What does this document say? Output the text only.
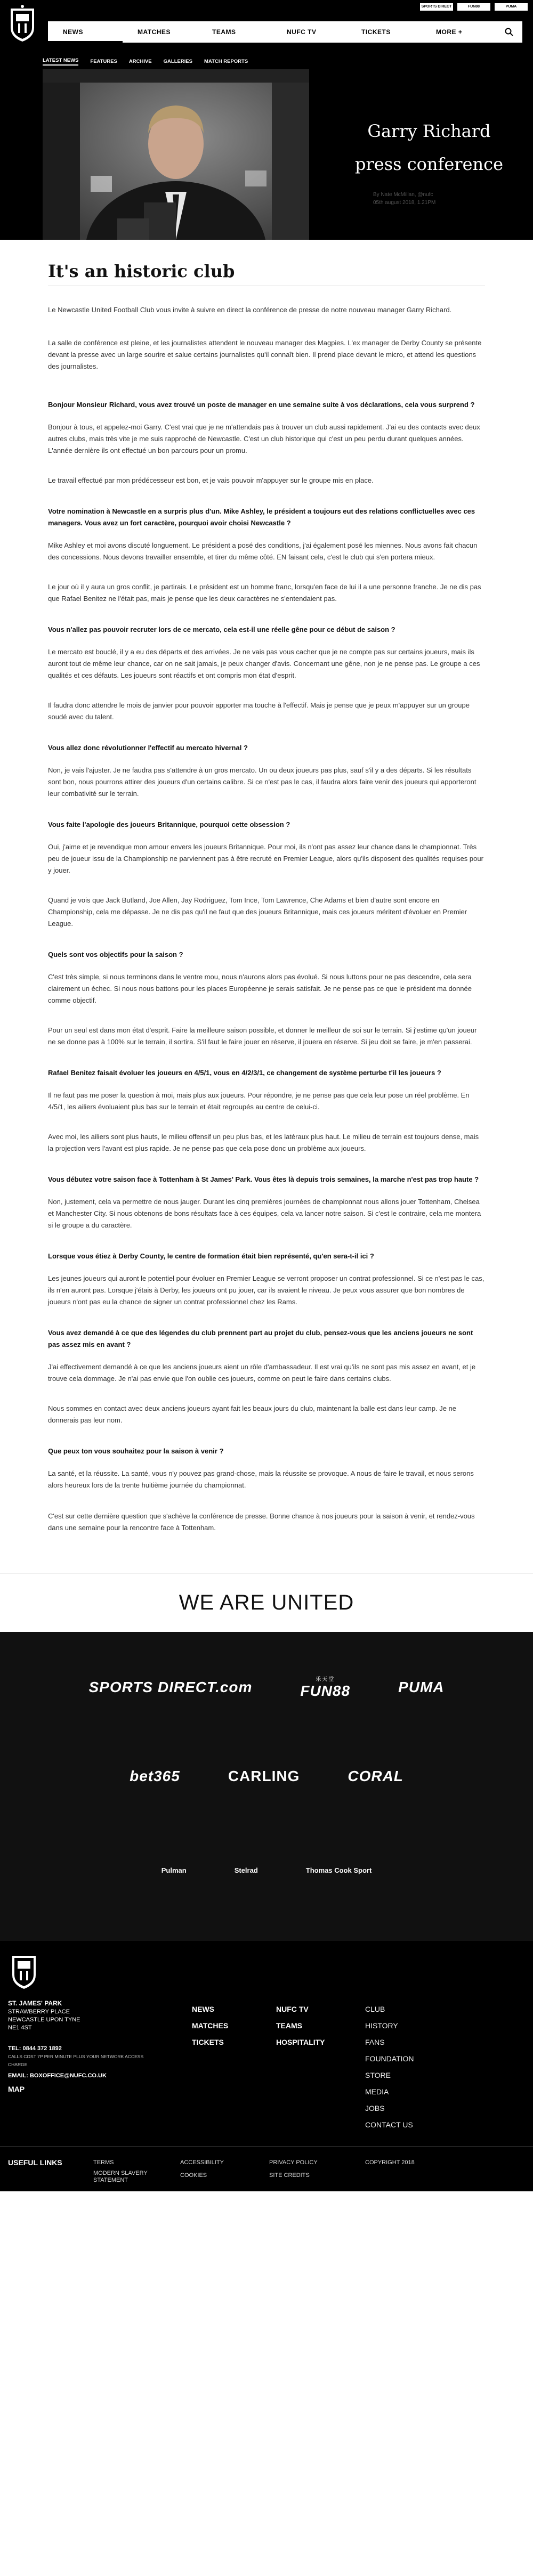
SPORTS DIRECT	FUN88	PUMA
NEWS	MATCHES	TEAMS	NUFC TV	TICKETS	MORE +
LATEST NEWS FEATURES ARCHIVE GALLERIES MATCH REPORTS
Garry Richard
press conference
By Nate McMillan, @nufc
05th august 2018, 1.21PM
It's an historic club

Le Newcastle United Football Club vous invite à suivre en direct la conférence de presse de notre nouveau manager Garry Richard.

La salle de conférence est pleine, et les journalistes attendent le nouveau manager des Magpies. L'ex manager de Derby County se présente devant la presse avec un large sourire et salue certains journalistes qu'il connaît bien. Il prend place devant le micro, et attend les questions des journalistes.

Bonjour Monsieur Richard, vous avez trouvé un poste de manager en une semaine suite à vos déclarations, cela vous surprend ?

Bonjour à tous, et appelez-moi Garry. C'est vrai que je ne m'attendais pas à trouver un club aussi rapidement. J'ai eu des contacts avec deux autres clubs, mais très vite je me suis rapproché de Newcastle. C'est un club historique qui c'est un peu perdu durant quelques années. L'année dernière ils ont effectué un bon parcours pour un promu.

Le travail effectué par mon prédécesseur est bon, et je vais pouvoir m'appuyer sur le groupe mis en place.

Votre nomination à Newcastle en a surpris plus d'un. Mike Ashley, le président a toujours eut des relations conflictuelles avec ces managers. Vous avez un fort caractère, pourquoi avoir choisi Newcastle ?

Mike Ashley et moi avons discuté longuement. Le président a posé des conditions, j'ai également posé les miennes. Nous avons fait chacun des concessions. Nous devons travailler ensemble, et tirer du même côté. EN faisant cela, c'est le club qui s'en portera mieux.

Le jour où il y aura un gros conflit, je partirais. Le président est un homme franc, lorsqu'en face de lui il a une personne franche. Je ne dis pas que Rafael Benitez ne l'était pas, mais je pense que les deux caractères ne s'entendaient pas.

Vous n'allez pas pouvoir recruter lors de ce mercato, cela est-il une réelle gêne pour ce début de saison ?

Le mercato est bouclé, il y a eu des départs et des arrivées. Je ne vais pas vous cacher que je ne compte pas sur certains joueurs, mais ils auront tout de même leur chance, car on ne sait jamais, je peux changer d'avis. Concernant une gêne, non je ne pense pas. Le groupe a ces qualités et ces défauts. Les joueurs sont réactifs et ont compris mon état d'esprit.

Il faudra donc attendre le mois de janvier pour pouvoir apporter ma touche à l'effectif. Mais je pense que je peux m'appuyer sur un groupe soudé avec du talent.

Vous allez donc révolutionner l'effectif au mercato hivernal ?

Non, je vais l'ajuster. Je ne faudra pas s'attendre à un gros mercato. Un ou deux joueurs pas plus, sauf s'il y a des départs. Si les résultats sont bon, nous pourrons attirer des joueurs d'un certains calibre. Si ce n'est pas le cas, il faudra alors faire venir des joueurs qui apporteront leur combativité sur le terrain.

Vous faite l'apologie des joueurs Britannique, pourquoi cette obsession ?

Oui, j'aime et je revendique mon amour envers les joueurs Britannique. Pour moi, ils n'ont pas assez leur chance dans le championnat. Très peu de joueur issu de la Championship ne parviennent pas à être recruté en Premier League, alors qu'ils disposent des qualités requises pour y jouer.

Quand je vois que Jack Butland, Joe Allen, Jay Rodriguez, Tom Ince, Tom Lawrence, Che Adams et bien d'autre sont encore en Championship, cela me dépasse. Je ne dis pas qu'il ne faut que des joueurs Britannique, mais ces joueurs méritent d'évoluer en Premier League.

Quels sont vos objectifs pour la saison ?

C'est très simple, si nous terminons dans le ventre mou, nous n'aurons alors pas évolué. Si nous luttons pour ne pas descendre, cela sera clairement un échec. Si nous nous battons pour les places Européenne je serais satisfait. Je ne pense pas ce que le président ma donnée comme objectif.

Pour un seul est dans mon état d'esprit. Faire la meilleure saison possible, et donner le meilleur de soi sur le terrain. Si j'estime qu'un joueur ne se donne pas à 100% sur le terrain, il sortira. S'il faut le faire jouer en réserve, il jouera en réserve. Si jeu doit se faire, je m'en passerai.

Rafael Benitez faisait évoluer les joueurs en 4/5/1, vous en 4/2/3/1, ce changement de système perturbe t'il les joueurs ?

Il ne faut pas me poser la question à moi, mais plus aux joueurs. Pour répondre, je ne pense pas que cela leur pose un réel problème. En 4/5/1, les ailiers évoluaient plus bas sur le terrain et était regroupés au centre de celui-ci.

Avec moi, les ailiers sont plus hauts, le milieu offensif un peu plus bas, et les latéraux plus haut. Le milieu de terrain est toujours dense, mais la projection vers l'avant est plus rapide. Je ne pense pas que cela pose donc un problème aux joueurs.

Vous débutez votre saison face à Tottenham à St James' Park. Vous êtes là depuis trois semaines, la marche n'est pas trop haute ?

Non, justement, cela va permettre de nous jauger. Durant les cinq premières journées de championnat nous allons jouer Tottenham, Chelsea et Manchester City. Si nous obtenons de bons résultats face à ces équipes, cela va lancer notre saison. Si c'est le contraire, cela me montera si le groupe a du caractère.

Lorsque vous étiez à Derby County, le centre de formation était bien représenté, qu'en sera-t-il ici ?

Les jeunes joueurs qui auront le potentiel pour évoluer en Premier League se verront proposer un contrat professionnel. Si ce n'est pas le cas, ils n'en auront pas. Lorsque j'étais à Derby, les joueurs ont pu jouer, car ils avaient le niveau. Je peux vous assurer que bon nombres de joueurs n'ont pas eu la chance de signer un contrat professionnel chez les Rams.

Vous avez demandé à ce que des légendes du club prennent part au projet du club, pensez-vous que les anciens joueurs ne sont pas assez mis en avant ?

J'ai effectivement demandé à ce que les anciens joueurs aient un rôle d'ambassadeur. Il est vrai qu'ils ne sont pas mis assez en avant, et je trouve cela dommage. Je n'ai pas envie que l'on oublie ces joueurs, comme on peut le faire dans certains clubs.

Nous sommes en contact avec deux anciens joueurs ayant fait les beaux jours du club, maintenant la balle est dans leur camp. Je ne donnerais pas leur nom.

Que peux ton vous souhaitez pour la saison à venir ?

La santé, et la réussite. La santé, vous n'y pouvez pas grand-chose, mais la réussite se provoque. A nous de faire le travail, et nous serons alors heureux lors de la trente huitième journée du championnat.

C'est sur cette dernière question que s'achève la conférence de presse. Bonne chance à nos joueurs pour la saison à venir, et rendez-vous dans une semaine pour la rencontre face à Tottenham.

WE ARE UNITED
SPORTS DIRECT.com	乐天堂
FUN88	PUMA
bet365	CARLING	CORAL
Pulman	Stelrad	Thomas Cook Sport
ST. JAMES' PARK
STRAWBERRY PLACE
NEWCASTLE UPON TYNE
NE1 4ST
TEL: 0844 372 1892
CALLS COST 7P PER MINUTE PLUS YOUR NETWORK ACCESS CHARGE
EMAIL: BOXOFFICE@NUFC.CO.UK
MAP
NEWS
MATCHES
TICKETS
NUFC TV
TEAMS
HOSPITALITY
CLUB
HISTORY
FANS
FOUNDATION
STORE
MEDIA
JOBS
CONTACT US
USEFUL LINKS	TERMS	ACCESSIBILITY	PRIVACY POLICY	COPYRIGHT 2018
MODERN SLAVERY STATEMENT
COOKIES	SITE CREDITS
